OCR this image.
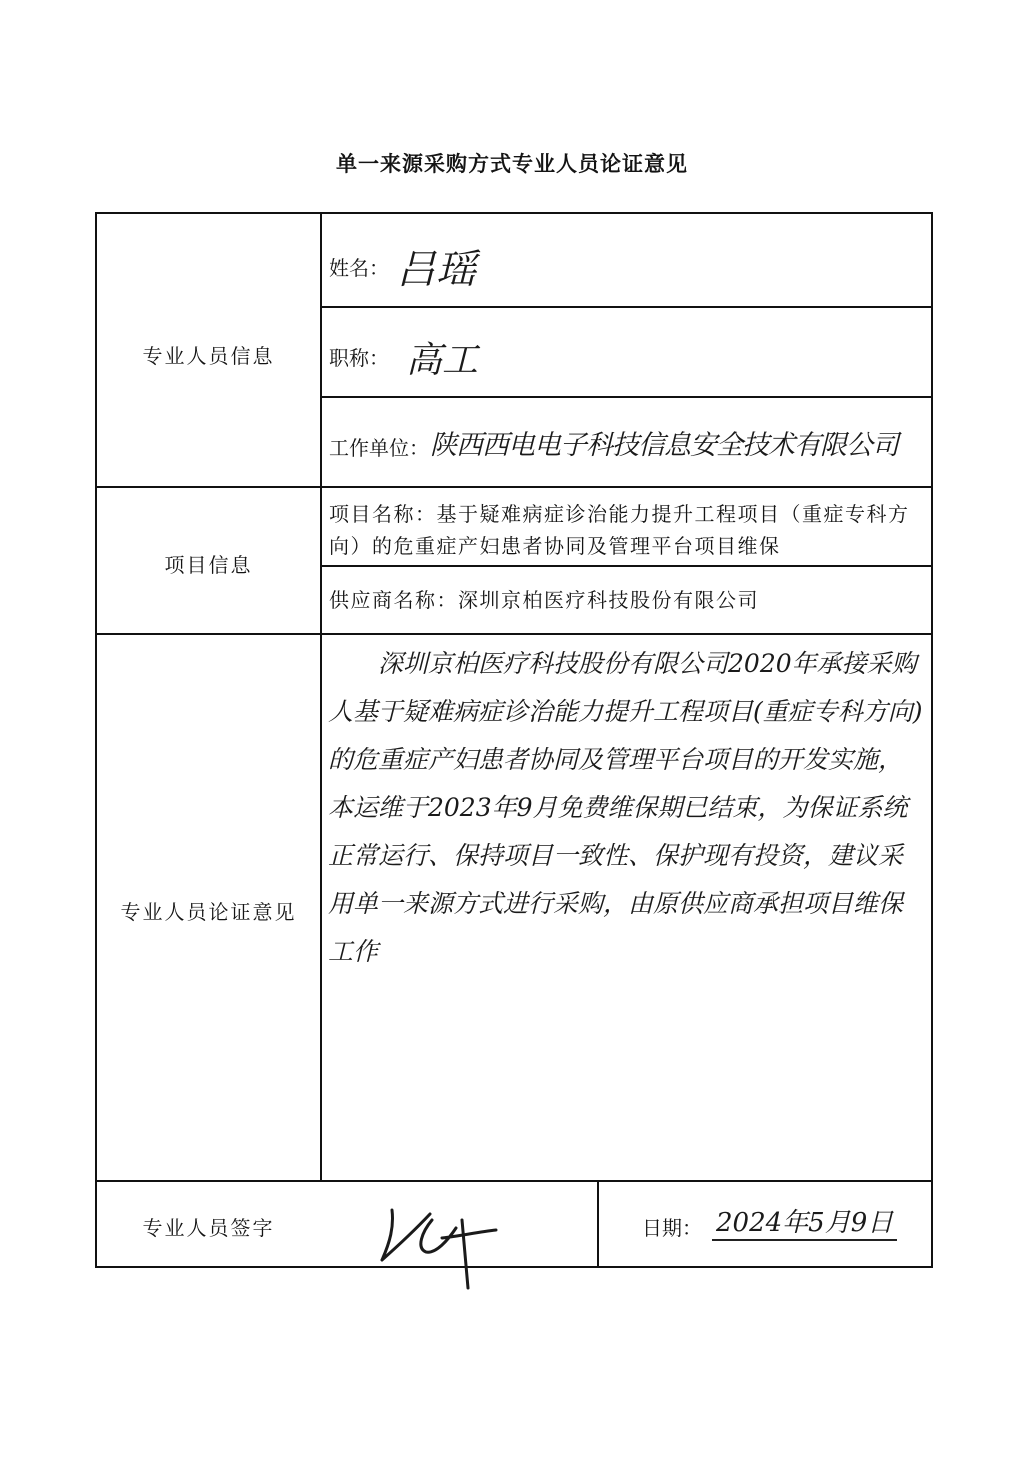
单一来源采购方式专业人员论证意见
专业人员信息
项目信息
专业人员论证意见
专业人员签字
姓名： 吕瑶
职称： 高工
工作单位： 陕西西电电子科技信息安全技术有限公司
项目名称：基于疑难病症诊治能力提升工程项目（重症专科方向）的危重症产妇患者协同及管理平台项目维保
供应商名称：深圳京柏医疗科技股份有限公司
深圳京柏医疗科技股份有限公司2020年承接采购人基于疑难病症诊治能力提升工程项目(重症专科方向)的危重症产妇患者协同及管理平台项目的开发实施，本运维于2023年9月免费维保期已结束，为保证系统正常运行、保持项目一致性、保护现有投资，建议采用单一来源方式进行采购，由原供应商承担项目维保工作
日期： 2024年5月9日
